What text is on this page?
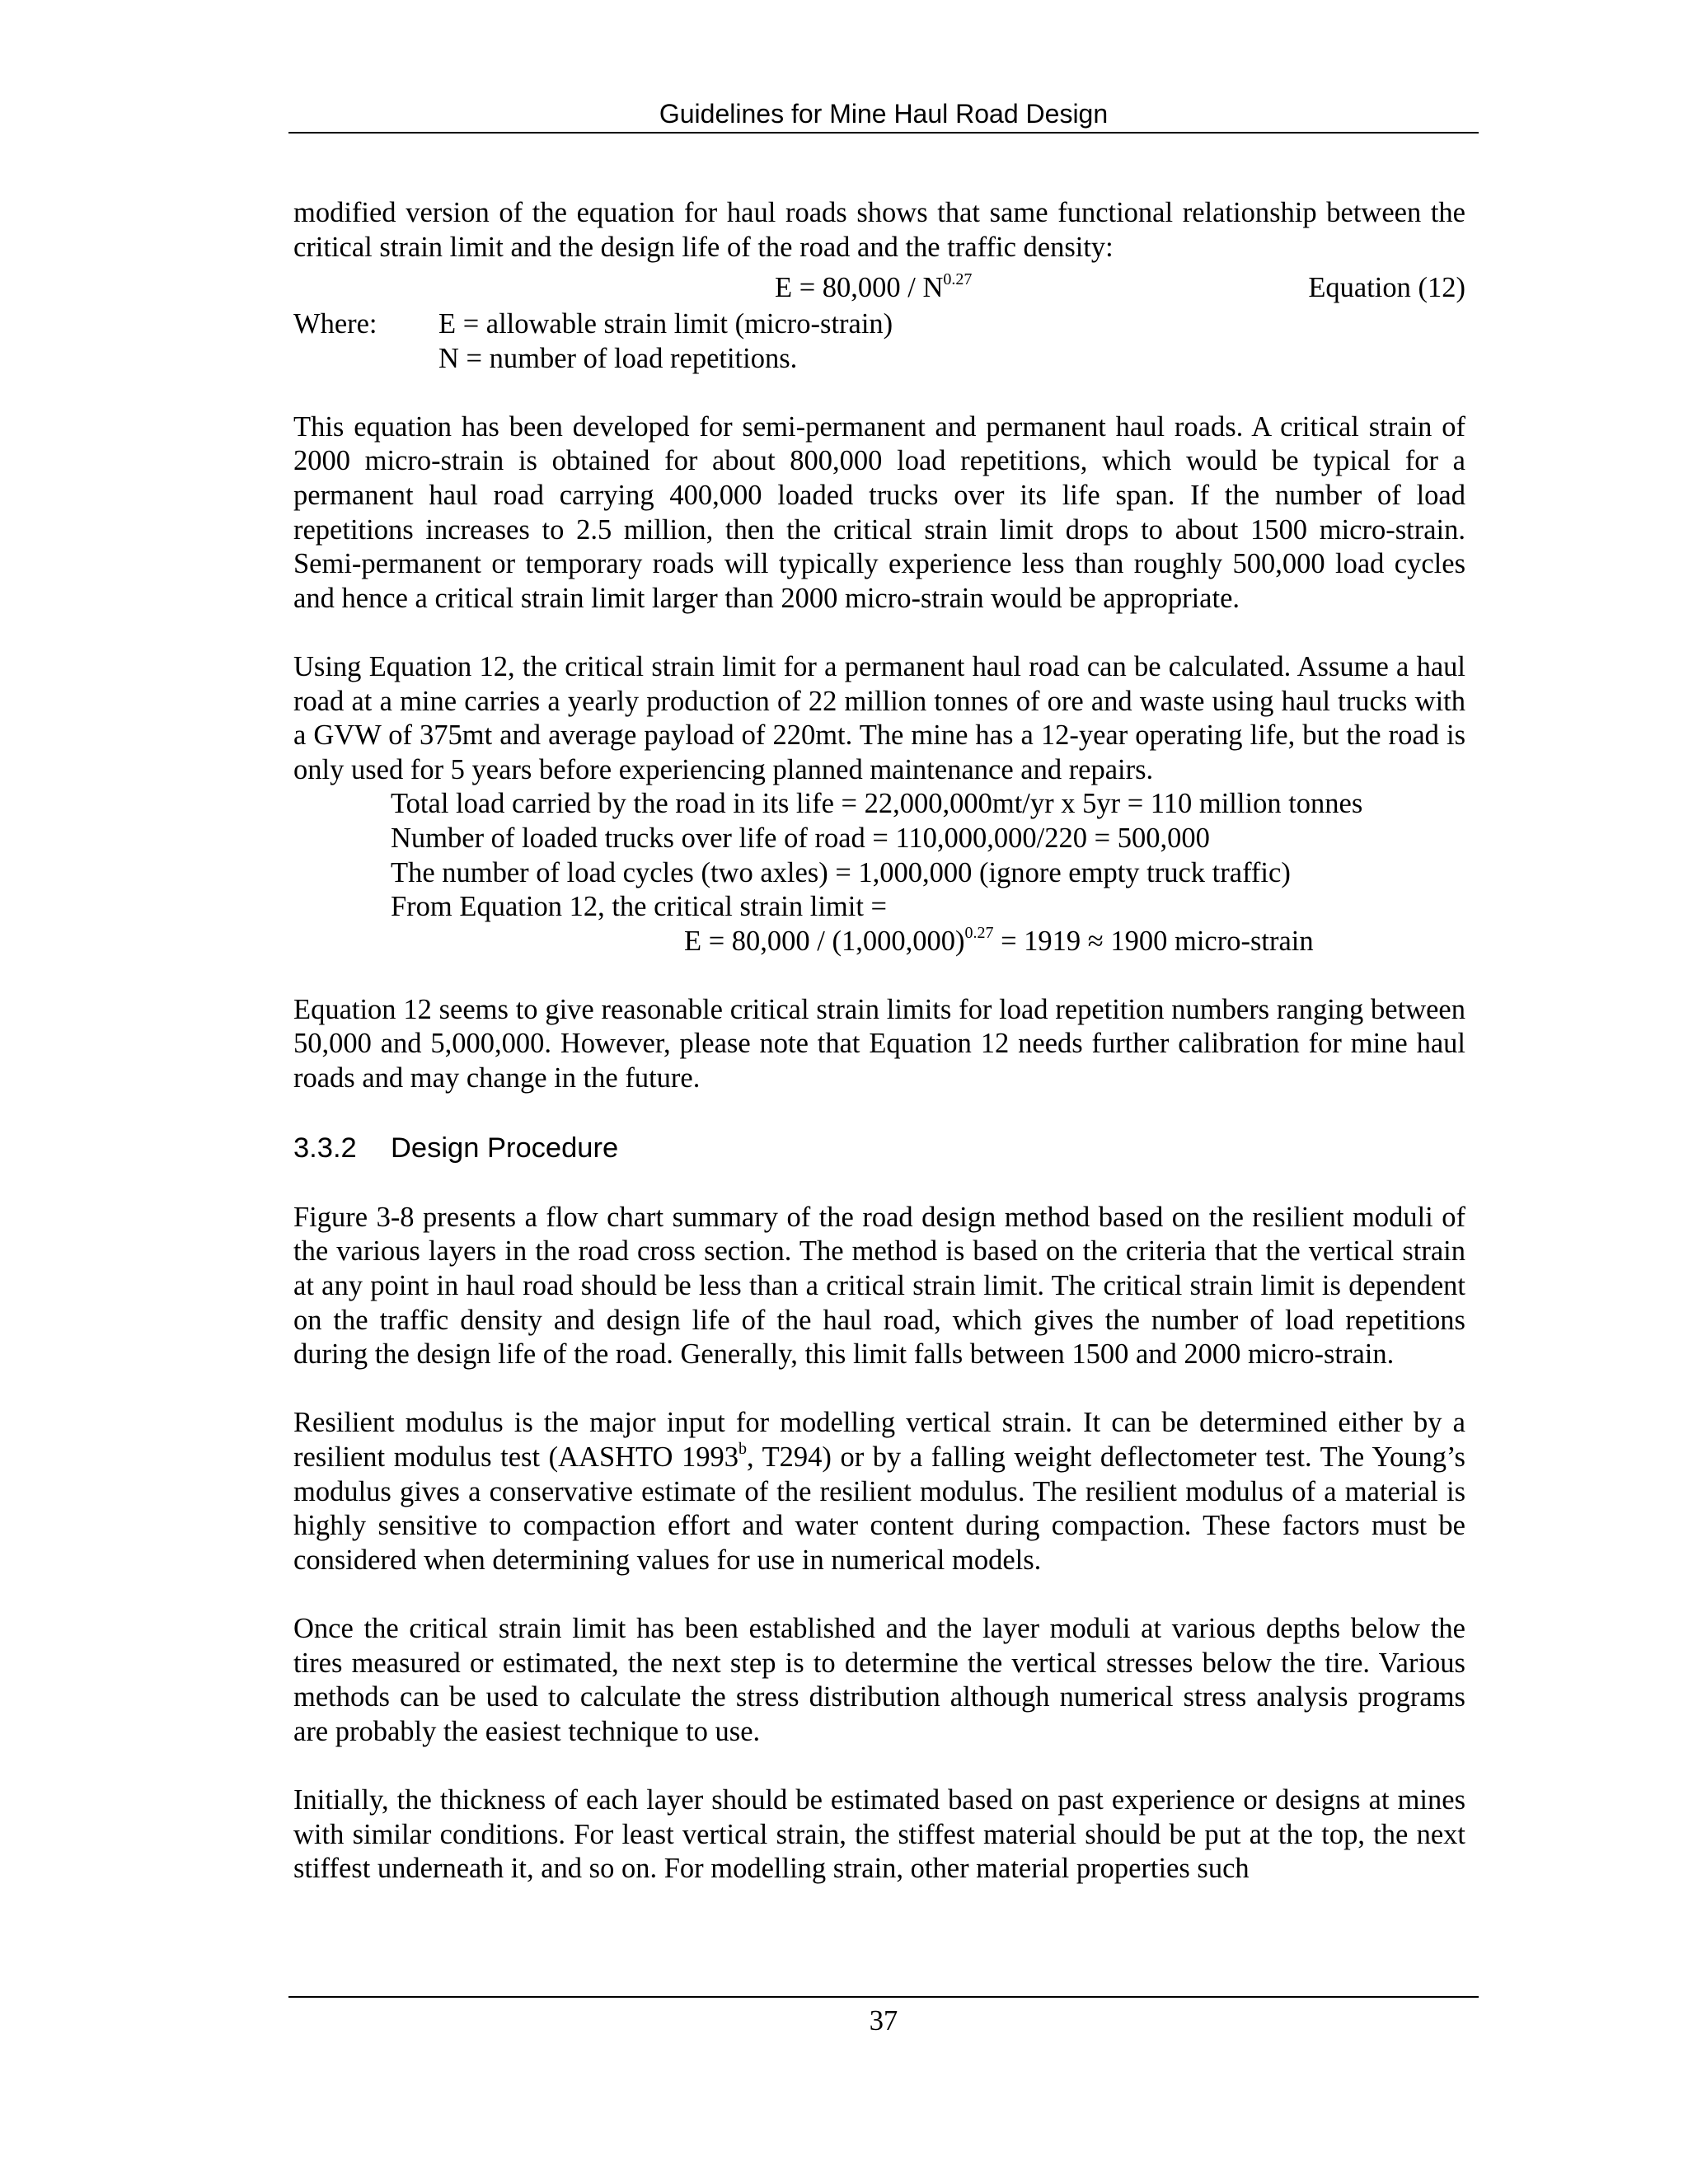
Guidelines for Mine Haul Road Design

modified version of the equation for haul roads shows that same functional relationship between the critical strain limit and the design life of the road and the traffic density:

$E = 80,000 / N^{0.27}$	Equation (12)
Where: E = allowable strain limit (micro-strain)
N = number of load repetitions.

This equation has been developed for semi-permanent and permanent haul roads. A critical strain of 2000 micro-strain is obtained for about 800,000 load repetitions, which would be typical for a permanent haul road carrying 400,000 loaded trucks over its life span. If the number of load repetitions increases to 2.5 million, then the critical strain limit drops to about 1500 micro-strain. Semi-permanent or temporary roads will typically experience less than roughly 500,000 load cycles and hence a critical strain limit larger than 2000 micro-strain would be appropriate.

Using Equation 12, the critical strain limit for a permanent haul road can be calculated. Assume a haul road at a mine carries a yearly production of 22 million tonnes of ore and waste using haul trucks with a GVW of 375mt and average payload of 220mt. The mine has a 12-year operating life, but the road is only used for 5 years before experiencing planned maintenance and repairs.

Total load carried by the road in its life = 22,000,000mt/yr x 5yr = 110 million tonnes

Number of loaded trucks over life of road = 110,000,000/220 = 500,000

The number of load cycles (two axles) = 1,000,000 (ignore empty truck traffic)

From Equation 12, the critical strain limit =

$E = 80,000 / (1,000,000)^{0.27} = 1919 \approx 1900$ micro-strain

Equation 12 seems to give reasonable critical strain limits for load repetition numbers ranging between 50,000 and 5,000,000. However, please note that Equation 12 needs further calibration for mine haul roads and may change in the future.

3.3.2 Design Procedure

Figure 3-8 presents a flow chart summary of the road design method based on the resilient moduli of the various layers in the road cross section. The method is based on the criteria that the vertical strain at any point in haul road should be less than a critical strain limit. The critical strain limit is dependent on the traffic density and design life of the haul road, which gives the number of load repetitions during the design life of the road. Generally, this limit falls between 1500 and 2000 micro-strain.

Resilient modulus is the major input for modelling vertical strain. It can be determined either by a resilient modulus test (AASHTO 1993$^b$, T294) or by a falling weight deflectometer test. The Young’s modulus gives a conservative estimate of the resilient modulus. The resilient modulus of a material is highly sensitive to compaction effort and water content during compaction. These factors must be considered when determining values for use in numerical models.

Once the critical strain limit has been established and the layer moduli at various depths below the tires measured or estimated, the next step is to determine the vertical stresses below the tire. Various methods can be used to calculate the stress distribution although numerical stress analysis programs are probably the easiest technique to use.

Initially, the thickness of each layer should be estimated based on past experience or designs at mines with similar conditions. For least vertical strain, the stiffest material should be put at the top, the next stiffest underneath it, and so on. For modelling strain, other material properties such

37
